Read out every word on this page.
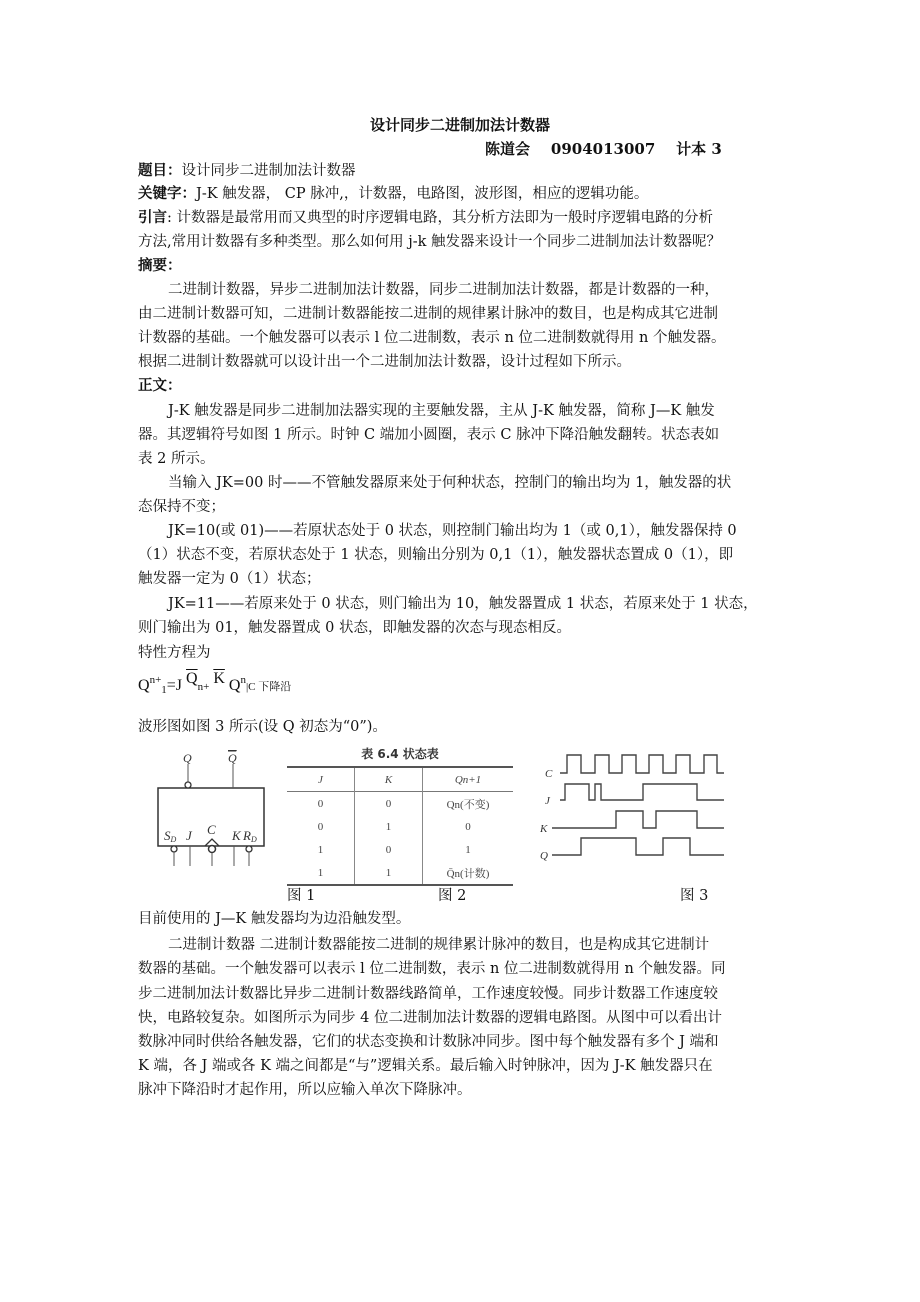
设计同步二进制加法计数器
陈道会    0904013007    计本 3
题目：设计同步二进制加法计数器
关键字：J-K 触发器， CP 脉冲,，计数器，电路图，波形图，相应的逻辑功能。
引言: 计数器是最常用而又典型的时序逻辑电路，其分析方法即为一般时序逻辑电路的分析
方法,常用计数器有多种类型。那么如何用 j-k 触发器来设计一个同步二进制加法计数器呢？
摘要：
二进制计数器，异步二进制加法计数器，同步二进制加法计数器，都是计数器的一种，
由二进制计数器可知，二进制计数器能按二进制的规律累计脉冲的数目，也是构成其它进制
计数器的基础。一个触发器可以表示 l 位二进制数，表示 n 位二进制数就得用 n 个触发器。
根据二进制计数器就可以设计出一个二进制加法计数器，设计过程如下所示。
正文：
J-K 触发器是同步二进制加法器实现的主要触发器，主从 J-K 触发器，简称 J—K 触发
器。其逻辑符号如图 1 所示。时钟 C 端加小圆圈，表示 C 脉冲下降沿触发翻转。状态表如
表 2 所示。
当输入 JK=00 时——不管触发器原来处于何种状态，控制门的输出均为 1，触发器的状
态保持不变；
JK=10(或 01)——若原状态处于 0 状态，则控制门输出均为 1（或 0,1），触发器保持 0
（1）状态不变，若原状态处于 1 状态，则输出分别为 0,1（1），触发器状态置成 0（1），即
触发器一定为 0（1）状态；
JK=11——若原来处于 0 状态，则门输出为 10，触发器置成 1 状态，若原来处于 1 状态，
则门输出为 01，触发器置成 0 状态，即触发器的次态与现态相反。
特性方程为
$Q^{n+}_1=J$ $\overline{Q}n+ \overline{K}$ $Q^n|C$ 下降沿
波形图如图 3 所示(设 Q 初态为“0”)。
Q	Q
SD J C K RD
表 6.4 状态表
J	K	Qn+1
0	0	Qn(不变)
0	1	0
1	0	1
1	1	Q̄n(计数)
C
J
K
Q
图 1	图 2	图 3
目前使用的 J—K 触发器均为边沿触发型。
二进制计数器 二进制计数器能按二进制的规律累计脉冲的数目，也是构成其它进制计
数器的基础。一个触发器可以表示 l 位二进制数，表示 n 位二进制数就得用 n 个触发器。同
步二进制加法计数器比异步二进制计数器线路简单，工作速度较慢。同步计数器工作速度较
快，电路较复杂。如图所示为同步 4 位二进制加法计数器的逻辑电路图。从图中可以看出计
数脉冲同时供给各触发器，它们的状态变换和计数脉冲同步。图中每个触发器有多个 J 端和
K 端，各 J 端或各 K 端之间都是“与”逻辑关系。最后输入时钟脉冲，因为 J-K 触发器只在
脉冲下降沿时才起作用，所以应输入单次下降脉冲。
